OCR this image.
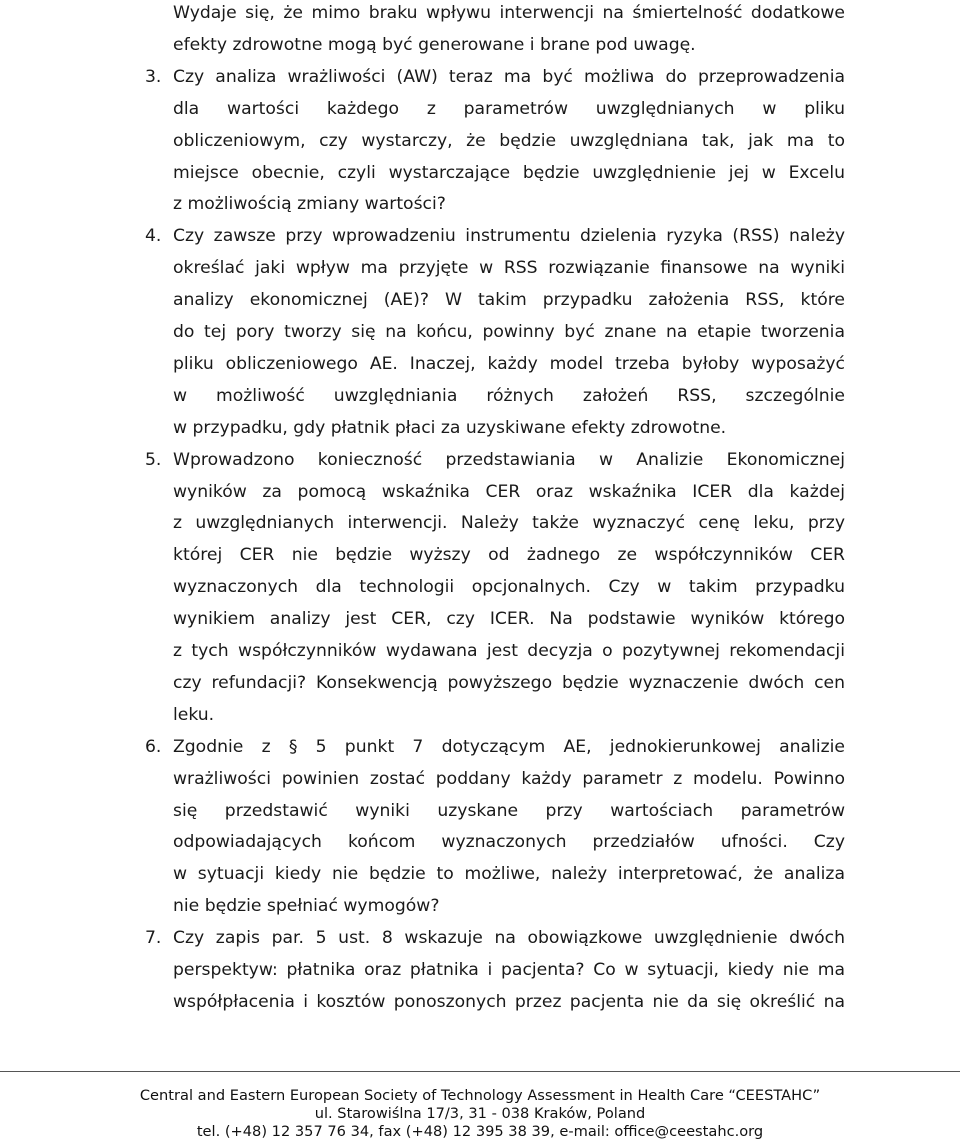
Wydaje się, że mimo braku wpływu interwencji na śmiertelność dodatkowe
efekty zdrowotne mogą być generowane i brane pod uwagę.
3. Czy analiza wrażliwości (AW) teraz ma być możliwa do przeprowadzenia
dla wartości każdego z parametrów uwzględnianych w pliku
obliczeniowym, czy wystarczy, że będzie uwzględniana tak, jak ma to
miejsce obecnie, czyli wystarczające będzie uwzględnienie jej w Excelu
z możliwością zmiany wartości?
4. Czy zawsze przy wprowadzeniu instrumentu dzielenia ryzyka (RSS) należy
określać jaki wpływ ma przyjęte w RSS rozwiązanie finansowe na wyniki
analizy ekonomicznej (AE)? W takim przypadku założenia RSS, które
do tej pory tworzy się na końcu, powinny być znane na etapie tworzenia
pliku obliczeniowego AE. Inaczej, każdy model trzeba byłoby wyposażyć
w możliwość uwzględniania różnych założeń RSS, szczególnie
w przypadku, gdy płatnik płaci za uzyskiwane efekty zdrowotne.
5. Wprowadzono konieczność przedstawiania w Analizie Ekonomicznej
wyników za pomocą wskaźnika CER oraz wskaźnika ICER dla każdej
z uwzględnianych interwencji. Należy także wyznaczyć cenę leku, przy
której CER nie będzie wyższy od żadnego ze współczynników CER
wyznaczonych dla technologii opcjonalnych. Czy w takim przypadku
wynikiem analizy jest CER, czy ICER. Na podstawie wyników którego
z tych współczynników wydawana jest decyzja o pozytywnej rekomendacji
czy refundacji? Konsekwencją powyższego będzie wyznaczenie dwóch cen
leku.
6. Zgodnie z § 5 punkt 7 dotyczącym AE, jednokierunkowej analizie
wrażliwości powinien zostać poddany każdy parametr z modelu. Powinno
się przedstawić wyniki uzyskane przy wartościach parametrów
odpowiadających końcom wyznaczonych przedziałów ufności. Czy
w sytuacji kiedy nie będzie to możliwe, należy interpretować, że analiza
nie będzie spełniać wymogów?
7. Czy zapis par. 5 ust. 8 wskazuje na obowiązkowe uwzględnienie dwóch
perspektyw: płatnika oraz płatnika i pacjenta? Co w sytuacji, kiedy nie ma
współpłacenia i kosztów ponoszonych przez pacjenta nie da się określić na
Central and Eastern European Society of Technology Assessment in Health Care “CEESTAHC”
ul. Starowiślna 17/3, 31 - 038 Kraków, Poland
tel. (+48) 12 357 76 34, fax (+48) 12 395 38 39, e-mail: office@ceestahc.org
